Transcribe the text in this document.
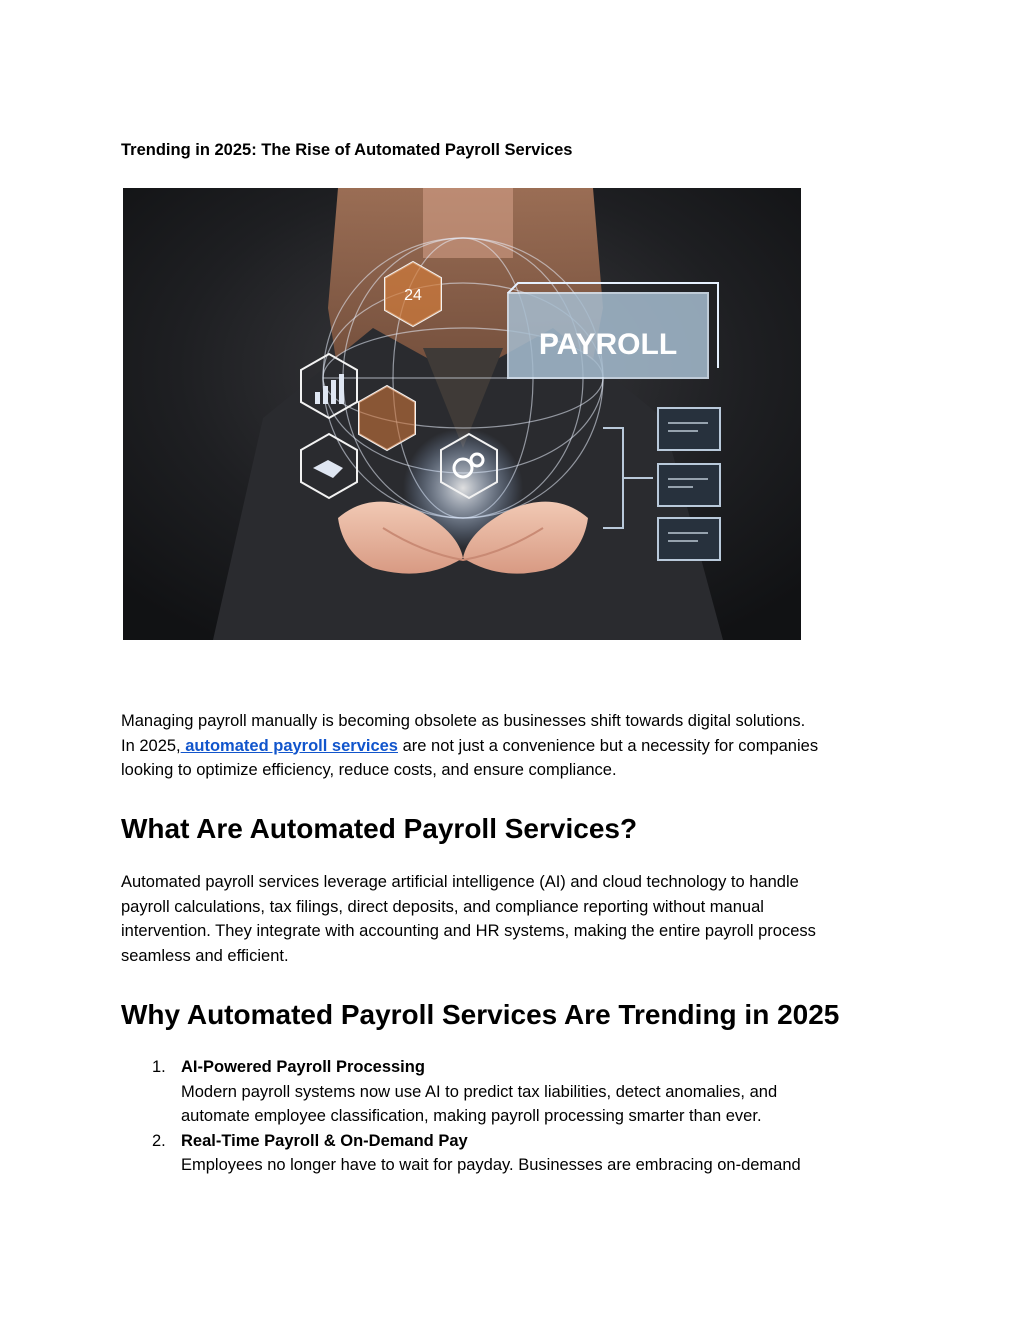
Trending in 2025: The Rise of Automated Payroll Services
24
PAYROLL

Managing payroll manually is becoming obsolete as businesses shift towards digital solutions.
In 2025, automated payroll services are not just a convenience but a necessity for companies
looking to optimize efficiency, reduce costs, and ensure compliance.

What Are Automated Payroll Services?

Automated payroll services leverage artificial intelligence (AI) and cloud technology to handle
payroll calculations, tax filings, direct deposits, and compliance reporting without manual
intervention. They integrate with accounting and HR systems, making the entire payroll process
seamless and efficient.

Why Automated Payroll Services Are Trending in 2025
1. AI-Powered Payroll Processing
Modern payroll systems now use AI to predict tax liabilities, detect anomalies, and
automate employee classification, making payroll processing smarter than ever.
2. Real-Time Payroll & On-Demand Pay
Employees no longer have to wait for payday. Businesses are embracing on-demand
